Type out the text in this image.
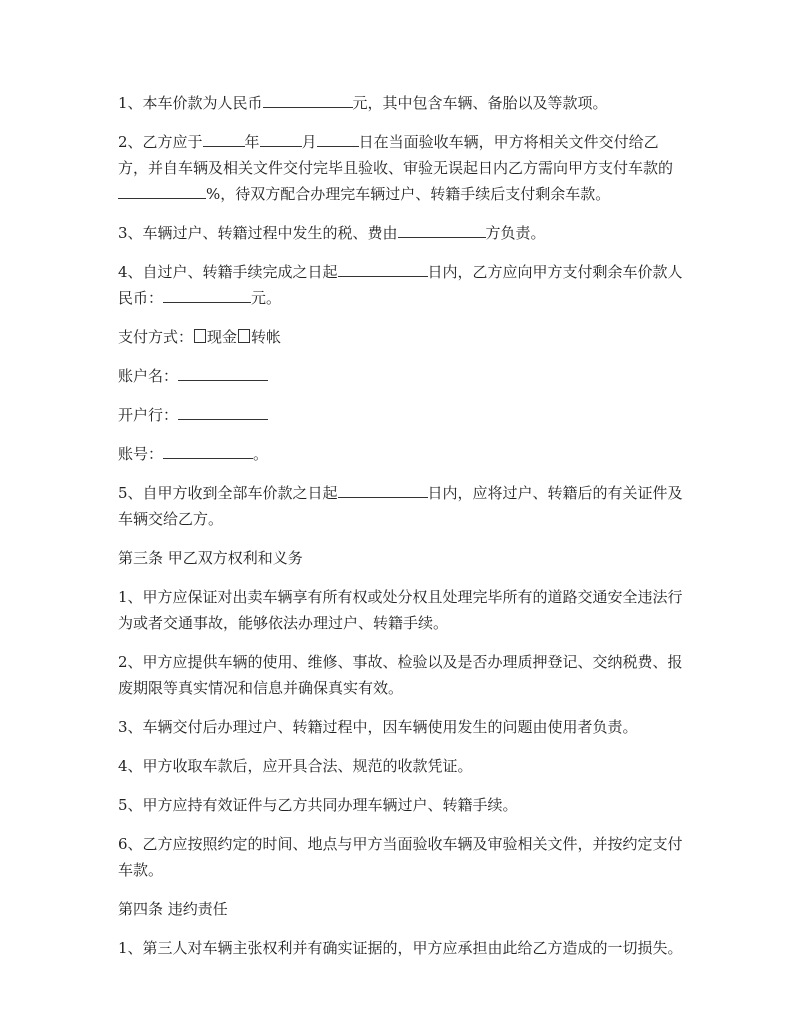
1、本车价款为人民币	元，其中包含车辆、备胎以及等款项。

2、乙方应于	年	月	日在当面验收车辆，甲方将相关文件交付给乙方，并自车辆及相关文件交付完毕且验收、审验无误起日内乙方需向甲方支付车款的%，待双方配合办理完车辆过户、转籍手续后支付剩余车款。

3、车辆过户、转籍过程中发生的税、费由	方负责。

4、自过户、转籍手续完成之日起	日内，乙方应向甲方支付剩余车价款人民币：	元。

支付方式： 现金 转帐

账户名：

开户行：

账号：	。

5、自甲方收到全部车价款之日起	日内，应将过户、转籍后的有关证件及车辆交给乙方。

第三条 甲乙双方权利和义务

1、甲方应保证对出卖车辆享有所有权或处分权且处理完毕所有的道路交通安全违法行为或者交通事故，能够依法办理过户、转籍手续。

2、甲方应提供车辆的使用、维修、事故、检验以及是否办理质押登记、交纳税费、报废期限等真实情况和信息并确保真实有效。

3、车辆交付后办理过户、转籍过程中，因车辆使用发生的问题由使用者负责。

4、甲方收取车款后，应开具合法、规范的收款凭证。

5、甲方应持有效证件与乙方共同办理车辆过户、转籍手续。

6、乙方应按照约定的时间、地点与甲方当面验收车辆及审验相关文件，并按约定支付车款。

第四条 违约责任

1、第三人对车辆主张权利并有确实证据的，甲方应承担由此给乙方造成的一切损失。
